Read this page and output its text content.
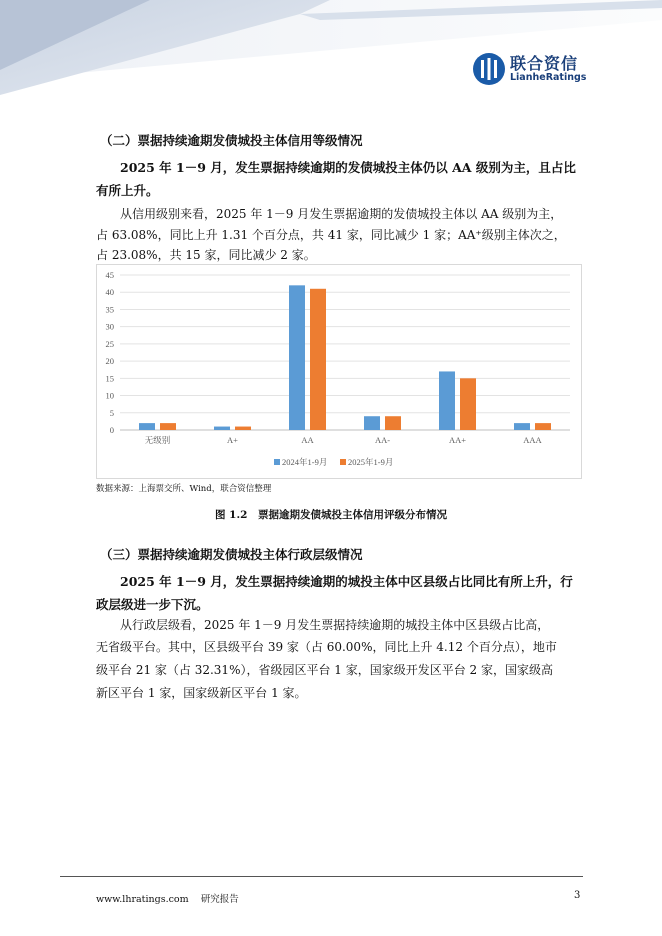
联合资信
LianheRatings
（二）票据持续逾期发债城投主体信用等级情况
2025 年 1－9 月，发生票据持续逾期的发债城投主体仍以 AA 级别为主，且占比
有所上升。
从信用级别来看，2025 年 1－9 月发生票据逾期的发债城投主体以 AA 级别为主，
占 63.08%，同比上升 1.31 个百分点，共 41 家，同比减少 1 家；AA⁺级别主体次之，
占 23.08%，共 15 家，同比减少 2 家。
0
5
10
15
20
25
30
35
40
45
无级别	A+	AA	AA-	AA+	AAA
2024年1-9月 2025年1-9月
数据来源：上海票交所、Wind，联合资信整理
图 1.2　票据逾期发债城投主体信用评级分布情况
（三）票据持续逾期发债城投主体行政层级情况
2025 年 1－9 月，发生票据持续逾期的城投主体中区县级占比同比有所上升，行
政层级进一步下沉。
从行政层级看，2025 年 1－9 月发生票据持续逾期的城投主体中区县级占比高，
无省级平台。其中，区县级平台 39 家（占 60.00%，同比上升 4.12 个百分点），地市
级平台 21 家（占 32.31%），省级园区平台 1 家，国家级开发区平台 2 家，国家级高
新区平台 1 家，国家级新区平台 1 家。
www.lhratings.com 研究报告	3
